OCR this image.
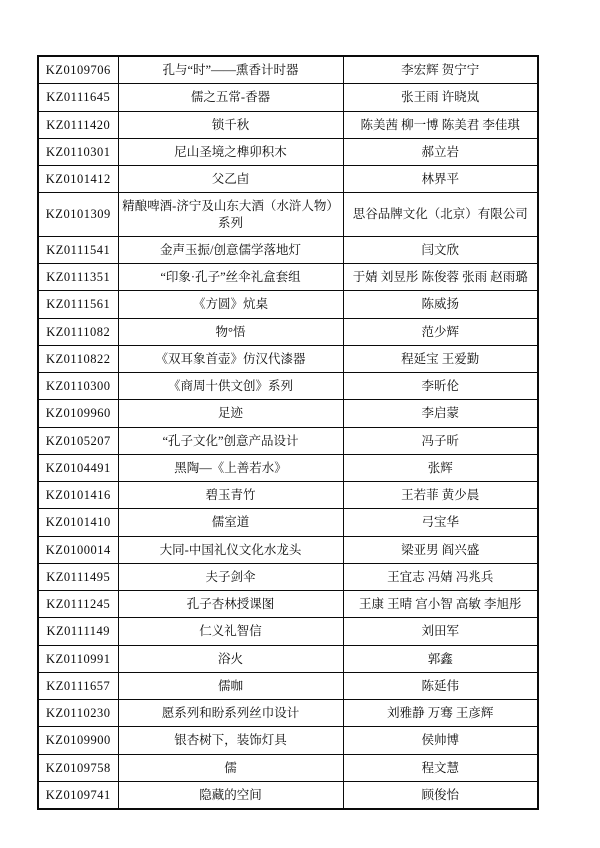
KZ0109706	孔与“时”——熏香计时器	李宏辉 贺宁宁
KZ0111645	儒之五常-香器	张王雨 许晓岚
KZ0111420	锁千秋	陈美茜 柳一博 陈美君 李佳琪
KZ0110301	尼山圣境之榫卯积木	郝立岩
KZ0101412	父乙卣	林界平
KZ0101309	精酿啤酒-济宁及山东大酒（水浒人物）系列	思谷品牌文化（北京）有限公司
KZ0111541	金声玉振/创意儒学落地灯	闫文欣
KZ0111351	“印象·孔子”丝伞礼盒套组	于婧 刘昱彤 陈俊蓉 张雨 赵雨璐
KZ0111561	《方圆》炕桌	陈威扬
KZ0111082	物°悟	范少辉
KZ0110822	《双耳象首壶》仿汉代漆器	程延宝 王爱勤
KZ0110300	《商周十供文创》系列	李昕伦
KZ0109960	足迹	李启蒙
KZ0105207	“孔子文化”创意产品设计	冯子昕
KZ0104491	黑陶—《上善若水》	张辉
KZ0101416	碧玉青竹	王若菲 黄少晨
KZ0101410	儒室道	弓宝华
KZ0100014	大同-中国礼仪文化水龙头	梁亚男 阎兴盛
KZ0111495	夫子剑伞	王宜志 冯婧 冯兆兵
KZ0111245	孔子杏林授课图	王康 王晴 宫小智 高敏 李旭彤
KZ0111149	仁义礼智信	刘田军
KZ0110991	浴火	郭鑫
KZ0111657	儒咖	陈延伟
KZ0110230	愿系列和盼系列丝巾设计	刘雅静 万骞 王彦辉
KZ0109900	银杏树下，装饰灯具	侯帅博
KZ0109758	儒	程文慧
KZ0109741	隐藏的空间	顾俊怡
